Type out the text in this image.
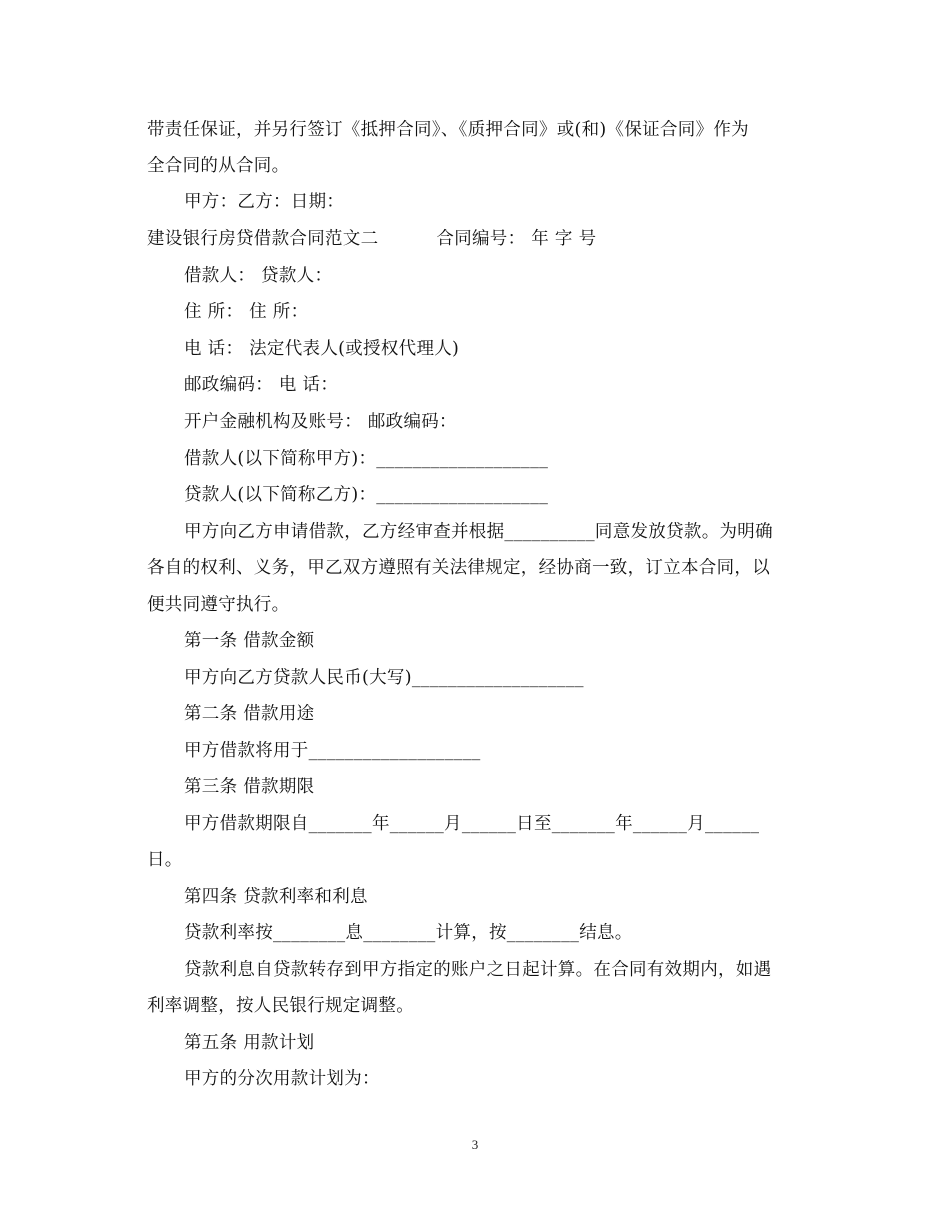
带责任保证，并另行签订《抵押合同》、《质押合同》或(和)《保证合同》作为
全合同的从合同。
甲方：乙方：日期：
建设银行房贷借款合同范文二	合同编号： 年 字 号
借款人： 贷款人：
住 所： 住 所：
电 话： 法定代表人(或授权代理人)
邮政编码： 电 话：
开户金融机构及账号： 邮政编码：
借款人(以下简称甲方)：___________________
贷款人(以下简称乙方)：___________________
甲方向乙方申请借款，乙方经审查并根据__________同意发放贷款。为明确
各自的权利、义务，甲乙双方遵照有关法律规定，经协商一致，订立本合同，以
便共同遵守执行。
第一条 借款金额
甲方向乙方贷款人民币(大写)___________________
第二条 借款用途
甲方借款将用于___________________
第三条 借款期限
甲方借款期限自_______年______月______日至_______年______月______
日。
第四条 贷款利率和利息
贷款利率按________息________计算，按________结息。
贷款利息自贷款转存到甲方指定的账户之日起计算。在合同有效期内，如遇
利率调整，按人民银行规定调整。
第五条 用款计划
甲方的分次用款计划为：
3
